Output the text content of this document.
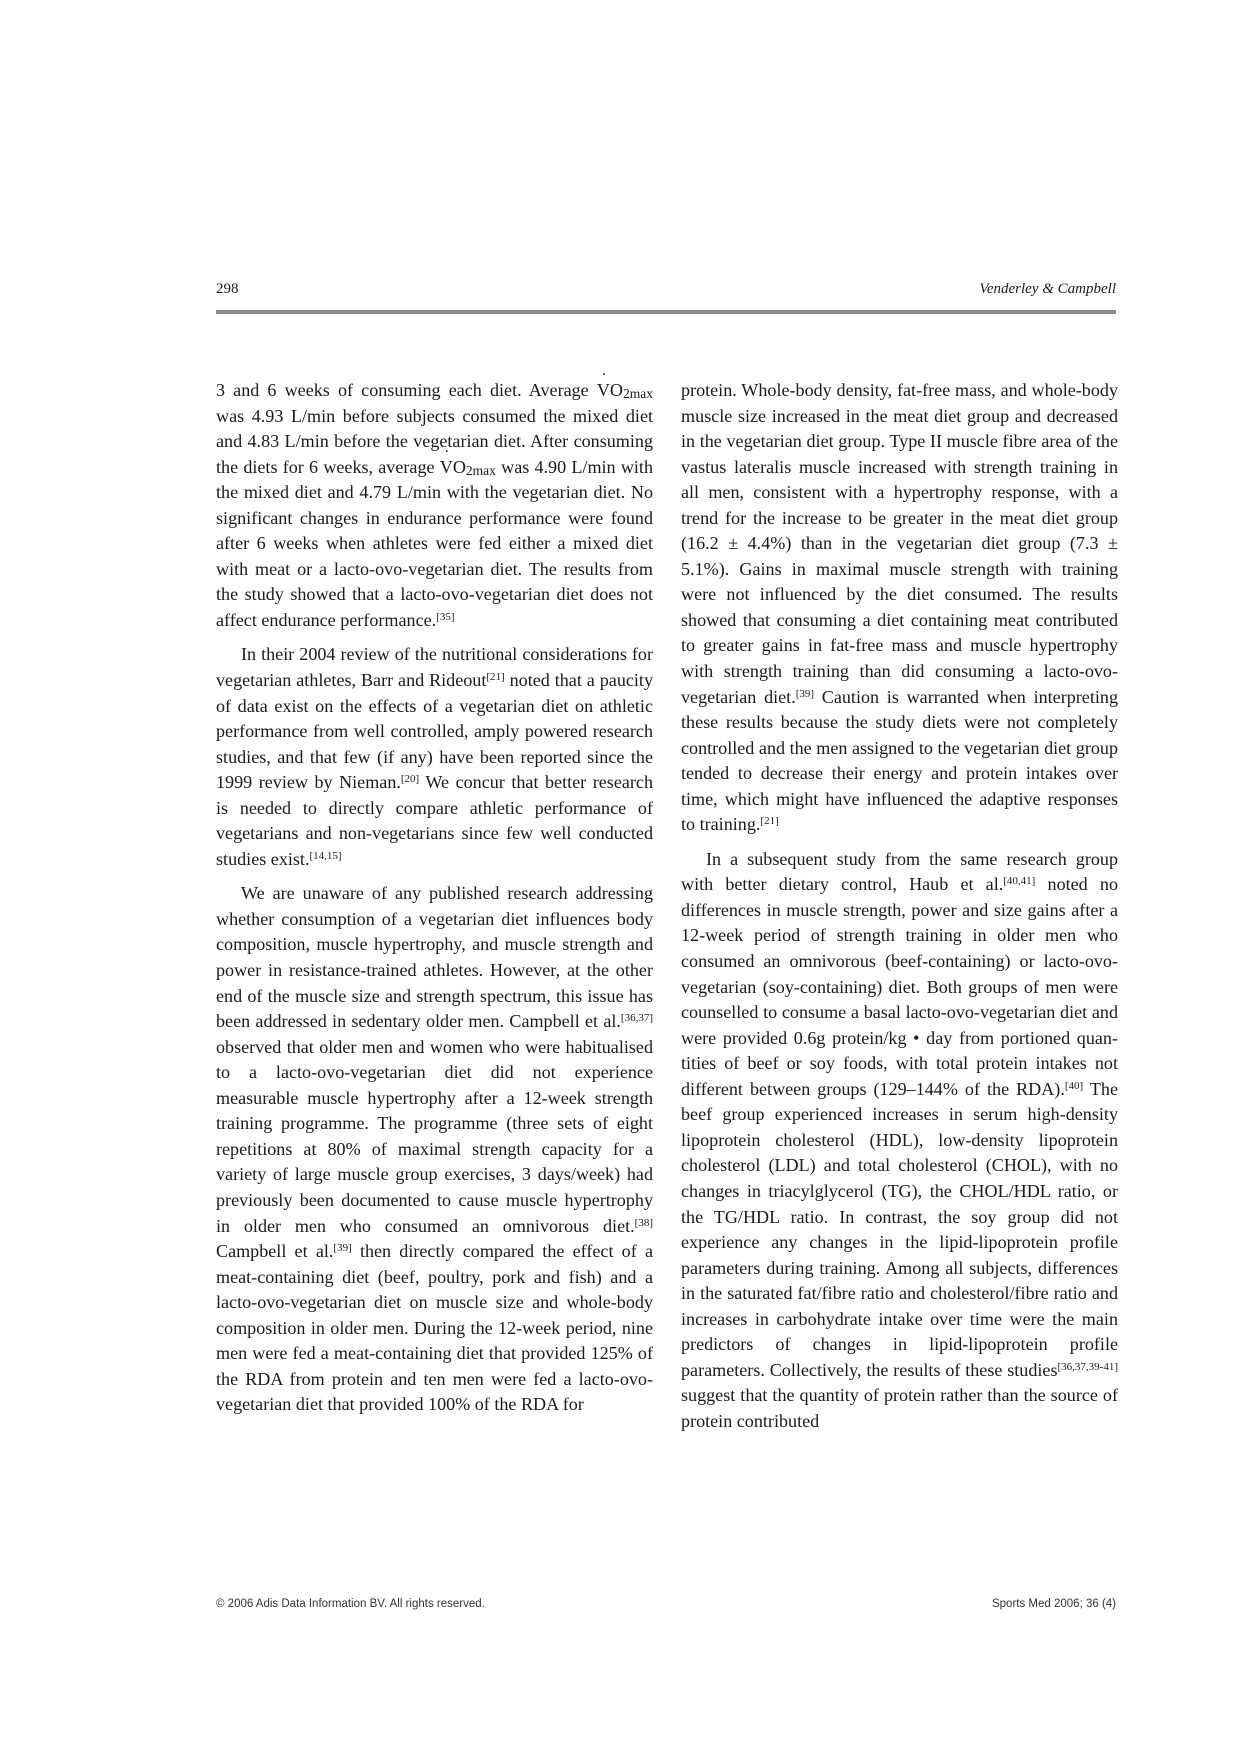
298	Venderley & Campbell

3 and 6 weeks of consuming each diet. Average ˙ VO2max was 4.93 L/min before subjects consumed the mixed diet and 4.83 L/min before the vegetarian diet. After consuming the diets for 6 weeks, average ˙ VO2max was 4.90 L/min with the mixed diet and 4.79 L/min with the vegetarian diet. No significant changes in endurance performance were found after 6 weeks when athletes were fed either a mixed diet with meat or a lacto-ovo-vegetarian diet. The results from the study showed that a lacto-ovo-vegetarian diet does not affect endurance performance.[35]

In their 2004 review of the nutritional considerations for vegetarian athletes, Barr and Rideout[21] noted that a paucity of data exist on the effects of a vegetarian diet on athletic performance from well controlled, amply powered research studies, and that few (if any) have been reported since the 1999 review by Nieman.[20] We concur that better research is needed to directly compare athletic performance of vegetarians and non-vegetarians since few well conducted studies exist.[14,15]

We are unaware of any published research addressing whether consumption of a vegetarian diet influences body composition, muscle hypertrophy, and muscle strength and power in resistance-trained athletes. However, at the other end of the muscle size and strength spectrum, this issue has been addressed in sedentary older men. Campbell et al.[36,37] observed that older men and women who were habitualised to a lacto-ovo-vegetarian diet did not experience measurable muscle hypertrophy after a 12-week strength training programme. The programme (three sets of eight repetitions at 80% of maximal strength capacity for a variety of large muscle group exercises, 3 days/week) had previously been documented to cause muscle hypertrophy in older men who consumed an omnivorous diet.[38] Campbell et al.[39] then directly compared the effect of a meat-containing diet (beef, poultry, pork and fish) and a lacto-ovo-vegetarian diet on muscle size and whole-body composition in older men. During the 12-week period, nine men were fed a meat-containing diet that provided 125% of the RDA from protein and ten men were fed a lacto-ovo-vegetarian diet that provided 100% of the RDA for

protein. Whole-body density, fat-free mass, and whole-body muscle size increased in the meat diet group and decreased in the vegetarian diet group. Type II muscle fibre area of the vastus lateralis muscle increased with strength training in all men, consistent with a hypertrophy response, with a trend for the increase to be greater in the meat diet group (16.2 ± 4.4%) than in the vegetarian diet group (7.3 ± 5.1%). Gains in maximal muscle strength with training were not influenced by the diet consumed. The results showed that consuming a diet containing meat contributed to greater gains in fat-free mass and muscle hypertrophy with strength training than did consuming a lacto-ovo-vegetarian diet.[39] Caution is warranted when interpreting these results because the study diets were not completely controlled and the men assigned to the vegetarian diet group tended to decrease their energy and protein intakes over time, which might have influenced the adaptive responses to training.[21]

In a subsequent study from the same research group with better dietary control, Haub et al.[40,41] noted no differences in muscle strength, power and size gains after a 12-week period of strength training in older men who consumed an omnivorous (beef-containing) or lacto-ovo-vegetarian (soy-containing) diet. Both groups of men were counselled to consume a basal lacto-ovo-vegetarian diet and were provided 0.6g protein/kg • day from portioned quantities of beef or soy foods, with total protein intakes not different between groups (129–144% of the RDA).[40] The beef group experienced increases in serum high-density lipoprotein cholesterol (HDL), low-density lipoprotein cholesterol (LDL) and total cholesterol (CHOL), with no changes in triacylglycerol (TG), the CHOL/HDL ratio, or the TG/HDL ratio. In contrast, the soy group did not experience any changes in the lipid-lipoprotein profile parameters during training. Among all subjects, differences in the saturated fat/fibre ratio and cholesterol/fibre ratio and increases in carbohydrate intake over time were the main predictors of changes in lipid-lipoprotein profile parameters. Collectively, the results of these studies[36,37,39-41] suggest that the quantity of protein rather than the source of protein contributed

© 2006 Adis Data Information BV. All rights reserved.	Sports Med 2006; 36 (4)
